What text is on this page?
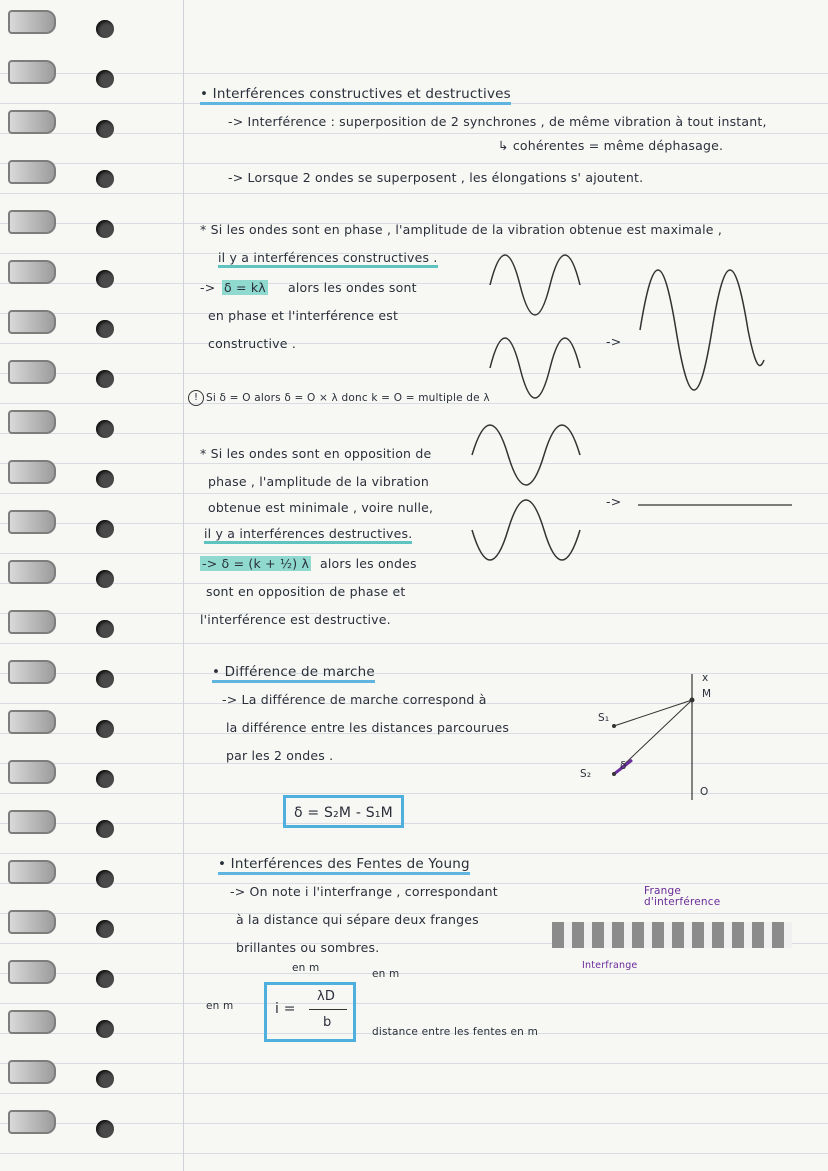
• Interférences constructives et destructives
-> Interférence : superposition de 2 synchrones , de même vibration à tout instant,
↳ cohérentes = même déphasage.
-> Lorsque 2 ondes se superposent , les élongations s' ajoutent.
* Si les ondes sont en phase , l'amplitude de la vibration obtenue est maximale ,
il y a interférences constructives .
-> δ = kλ alors les ondes sont
en phase et l'interférence est
constructive .	->
! Si δ = O alors δ = O × λ donc k = O = multiple de λ
* Si les ondes sont en opposition de
phase , l'amplitude de la vibration
obtenue est minimale , voire nulle,
il y a interférences destructives.
-> δ = (k + ½) λ alors les ondes
sont en opposition de phase et
l'interférence est destructive.
->
• Différence de marche
-> La différence de marche correspond à
la différence entre les distances parcourues
par les 2 ondes .
δ = S₂M - S₁M
S₁
S₂
δ
x
M
O
• Interférences des Fentes de Young
-> On note i l'interfrange , correspondant
à la distance qui sépare deux franges
brillantes ou sombres.
i =
λD
b
en m
en m	en m
distance entre les fentes en m
Frange d'interférence
Interfrange
